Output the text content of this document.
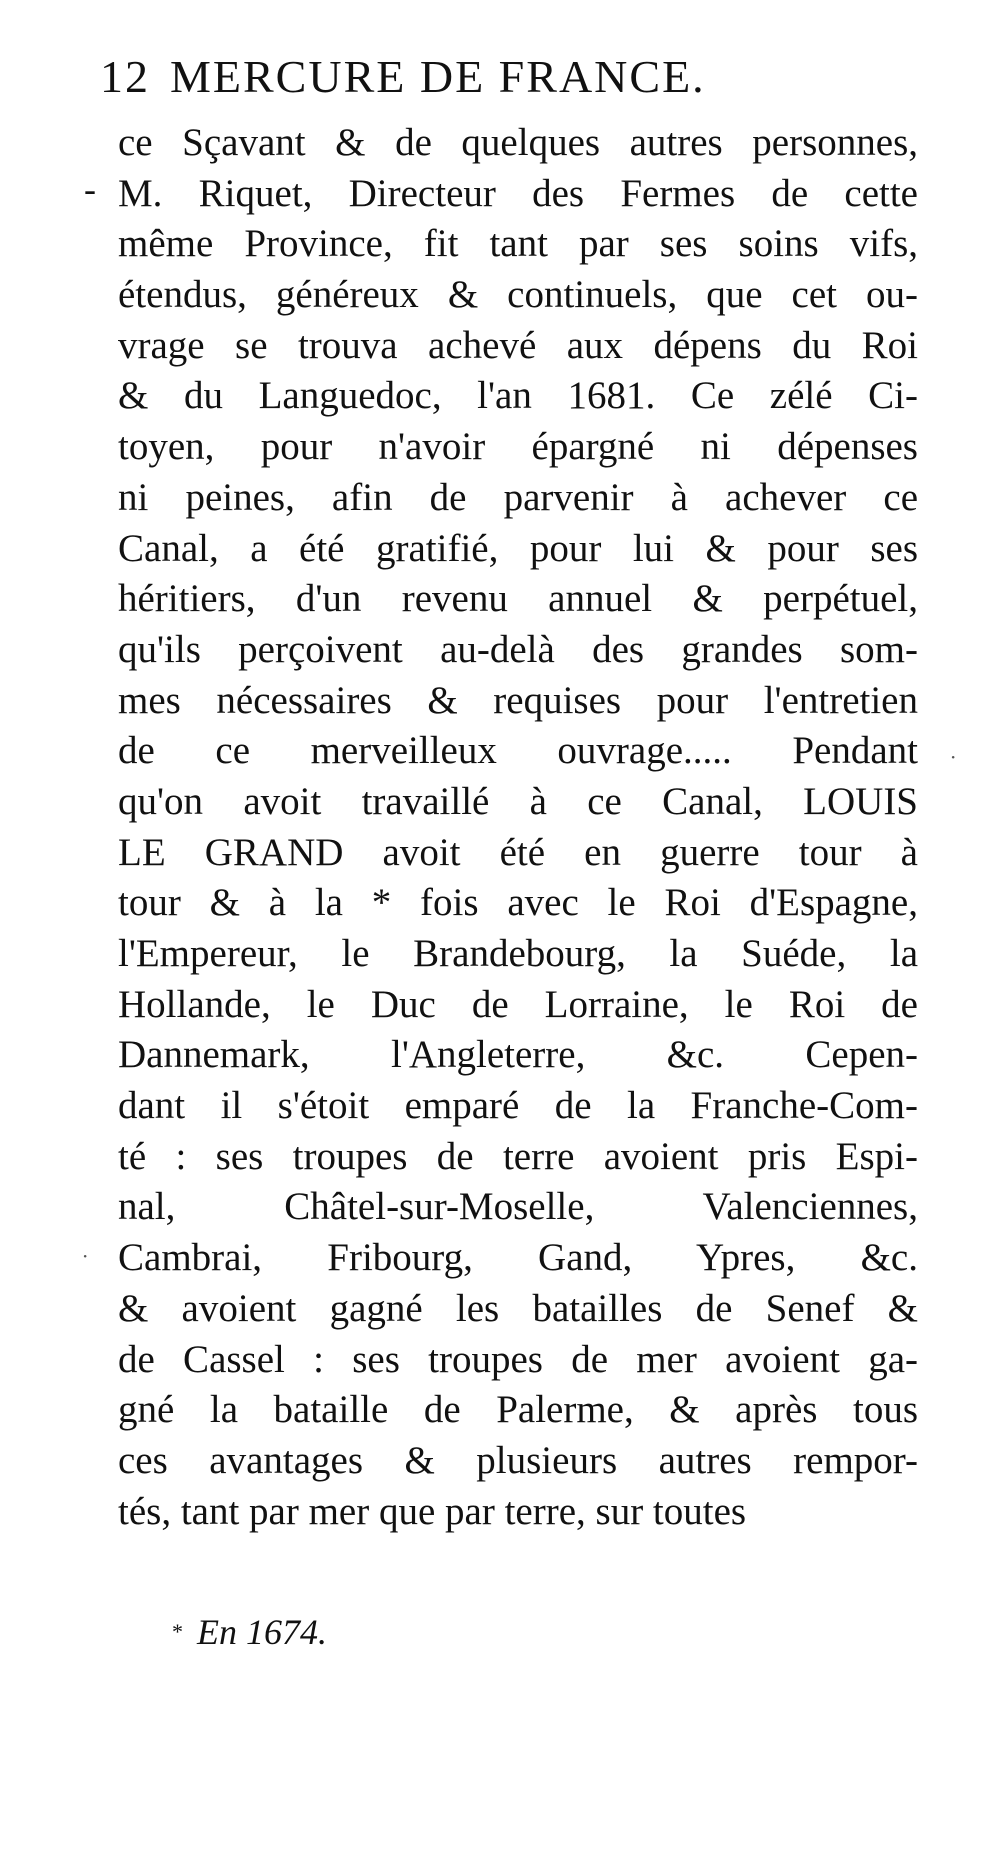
12 MERCURE DE FRANCE.
-
ce Sçavant & de quelques autres personnes,
M. Riquet, Directeur des Fermes de cette
même Province, fit tant par ses soins vifs,
étendus, généreux & continuels, que cet ou-
vrage se trouva achevé aux dépens du Roi
& du Languedoc, l'an 1681. Ce zélé Ci-
toyen, pour n'avoir épargné ni dépenses
ni peines, afin de parvenir à achever ce
Canal, a été gratifié, pour lui & pour ses
héritiers, d'un revenu annuel & perpétuel,
qu'ils perçoivent au-delà des grandes som-
mes nécessaires & requises pour l'entretien
de ce merveilleux ouvrage..... Pendant
qu'on avoit travaillé à ce Canal, LOUIS
LE GRAND avoit été en guerre tour à
tour & à la * fois avec le Roi d'Espagne,
l'Empereur, le Brandebourg, la Suéde, la
Hollande, le Duc de Lorraine, le Roi de
Dannemark, l'Angleterre, &c. Cepen-
dant il s'étoit emparé de la Franche-Com-
té : ses troupes de terre avoient pris Espi-
nal, Châtel-sur-Moselle, Valenciennes,
Cambrai, Fribourg, Gand, Ypres, &c.
& avoient gagné les batailles de Senef &
de Cassel : ses troupes de mer avoient ga-
gné la bataille de Palerme, & après tous
ces avantages & plusieurs autres rempor-
tés, tant par mer que par terre, sur toutes
·
·
* En 1674.
